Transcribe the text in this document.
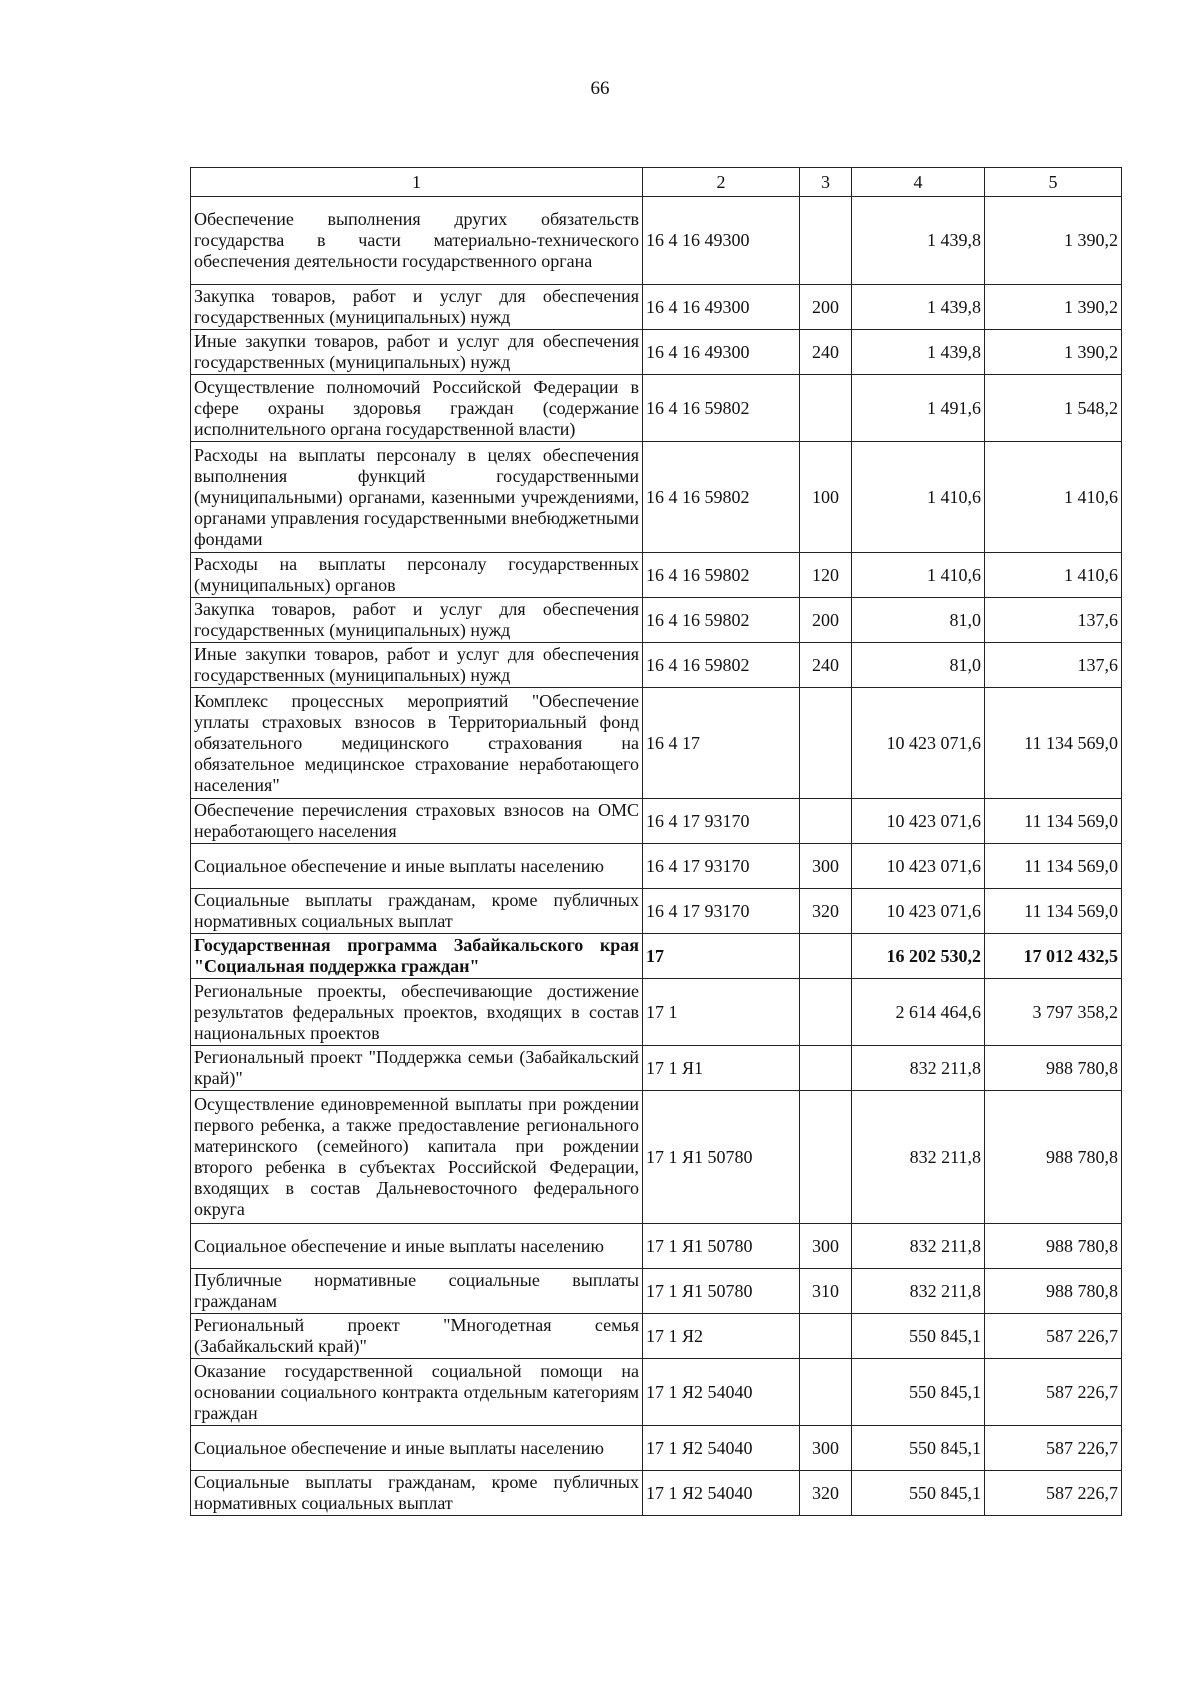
66
1	2	3	4	5
Обеспечение выполнения других обязательств государства в части материально-технического обеспечения деятельности государственного органа	16 4 16 49300		1 439,8	1 390,2
Закупка товаров, работ и услуг для обеспечения государственных (муниципальных) нужд	16 4 16 49300	200	1 439,8	1 390,2
Иные закупки товаров, работ и услуг для обеспечения государственных (муниципальных) нужд	16 4 16 49300	240	1 439,8	1 390,2
Осуществление полномочий Российской Федерации в сфере охраны здоровья граждан (содержание исполнительного органа государственной власти)	16 4 16 59802		1 491,6	1 548,2
Расходы на выплаты персоналу в целях обеспечения выполнения функций государственными (муниципальными) органами, казенными учреждениями, органами управления государственными внебюджетными фондами	16 4 16 59802	100	1 410,6	1 410,6
Расходы на выплаты персоналу государственных (муниципальных) органов	16 4 16 59802	120	1 410,6	1 410,6
Закупка товаров, работ и услуг для обеспечения государственных (муниципальных) нужд	16 4 16 59802	200	81,0	137,6
Иные закупки товаров, работ и услуг для обеспечения государственных (муниципальных) нужд	16 4 16 59802	240	81,0	137,6
Комплекс процессных мероприятий "Обеспечение уплаты страховых взносов в Территориальный фонд обязательного медицинского страхования на обязательное медицинское страхование неработающего населения"	16 4 17		10 423 071,6	11 134 569,0
Обеспечение перечисления страховых взносов на ОМС неработающего населения	16 4 17 93170		10 423 071,6	11 134 569,0
Социальное обеспечение и иные выплаты населению	16 4 17 93170	300	10 423 071,6	11 134 569,0
Социальные выплаты гражданам, кроме публичных нормативных социальных выплат	16 4 17 93170	320	10 423 071,6	11 134 569,0
Государственная программа Забайкальского края "Социальная поддержка граждан"	17		16 202 530,2	17 012 432,5
Региональные проекты, обеспечивающие достижение результатов федеральных проектов, входящих в состав национальных проектов	17 1		2 614 464,6	3 797 358,2
Региональный проект "Поддержка семьи (Забайкальский край)"	17 1 Я1		832 211,8	988 780,8
Осуществление единовременной выплаты при рождении первого ребенка, а также предоставление регионального материнского (семейного) капитала при рождении второго ребенка в субъектах Российской Федерации, входящих в состав Дальневосточного федерального округа	17 1 Я1 50780		832 211,8	988 780,8
Социальное обеспечение и иные выплаты населению	17 1 Я1 50780	300	832 211,8	988 780,8
Публичные нормативные социальные выплаты гражданам	17 1 Я1 50780	310	832 211,8	988 780,8
Региональный проект "Многодетная семья (Забайкальский край)"	17 1 Я2		550 845,1	587 226,7
Оказание государственной социальной помощи на основании социального контракта отдельным категориям граждан	17 1 Я2 54040		550 845,1	587 226,7
Социальное обеспечение и иные выплаты населению	17 1 Я2 54040	300	550 845,1	587 226,7
Социальные выплаты гражданам, кроме публичных нормативных социальных выплат	17 1 Я2 54040	320	550 845,1	587 226,7
